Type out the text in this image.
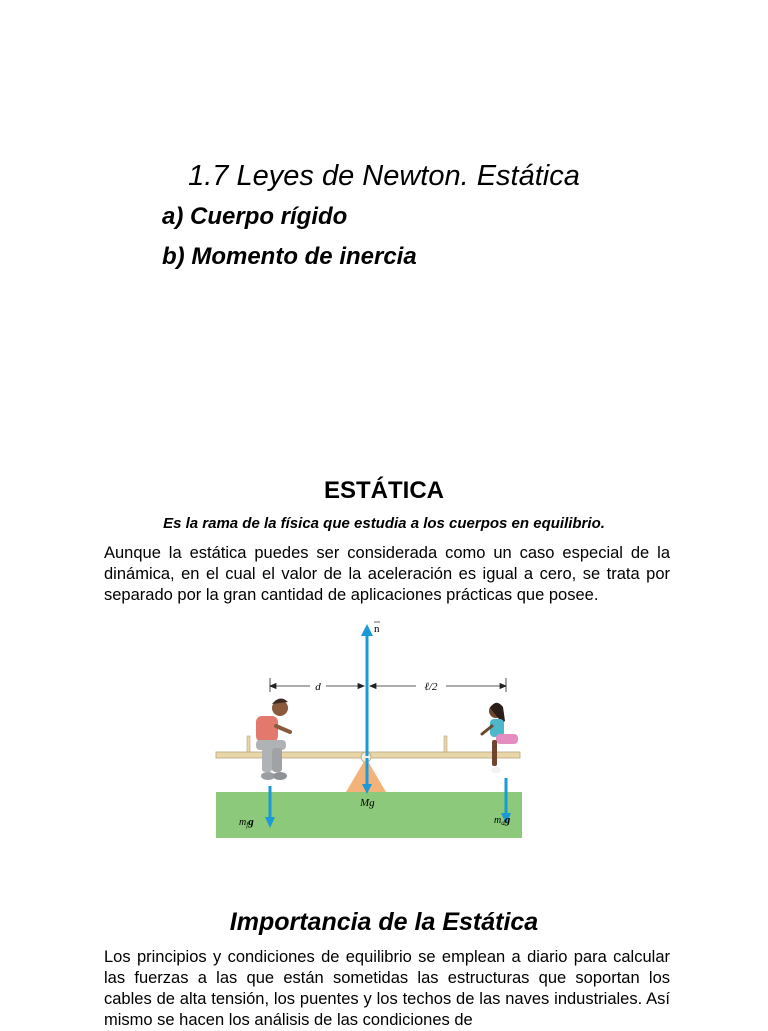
1.7 Leyes de Newton. Estática
a) Cuerpo rígido
b) Momento de inercia
ESTÁTICA
Es la rama de la física que estudia a los cuerpos en equilibrio.
Aunque la estática puedes ser considerada como un caso especial de la dinámica, en el cual el valor de la aceleración es igual a cero, se trata por separado por la gran cantidad de aplicaciones prácticas que posee.
d	ℓ/2
n
Mg
$m_fg$	$m_dg$
Importancia de la Estática
Los principios y condiciones de equilibrio se emplean a diario para calcular las fuerzas a las que están sometidas las estructuras que soportan los cables de alta tensión, los puentes y los techos de las naves industriales. Así mismo se hacen los análisis de las condiciones de
